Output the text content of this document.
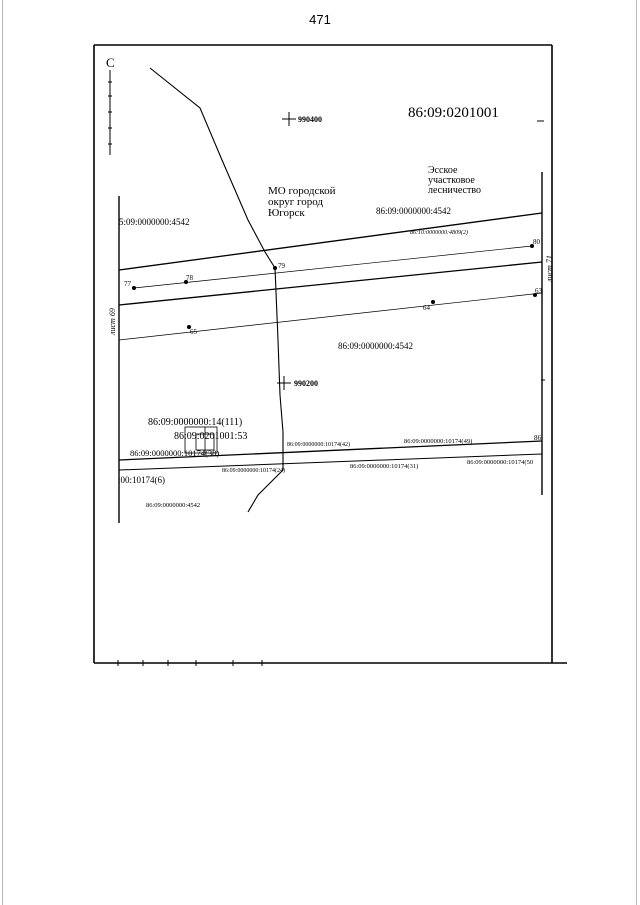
471
С
990400
990200
86:09:0201001
МО городской
округ город
Югорск
Эсское
участковое
лесничество
5:09:0000000:4542
86:09:0000000:4542
86:10:0000000:4809(2)
86:09:0000000:4542
86:09:0000000:14(111)
86:09:0201001:53
86:09:0000000:10174(42)	86:09:0000000:10174(49)	86
86:09:0000000:10174(38)
86:09:0000000:10174(31)
86:09:0000000:10174(50
86:09:0000000:10174(24)
:00:10174(6)
86:09:0000000:4542
77
78
79
80
63
64
65
лист 69
лист 71
